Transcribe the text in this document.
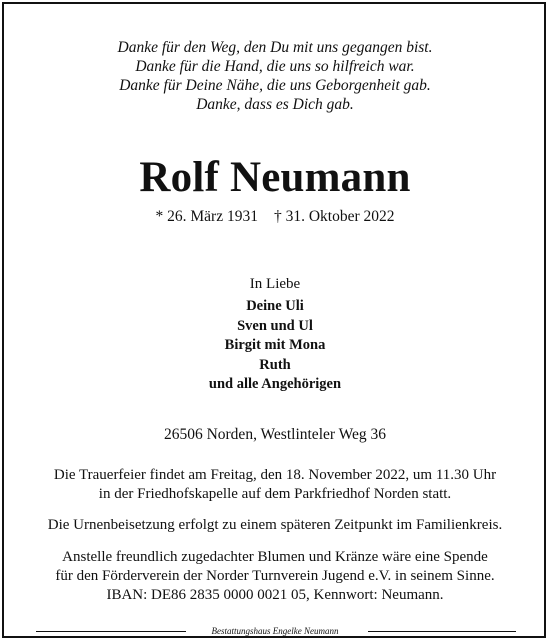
Danke für den Weg, den Du mit uns gegangen bist.
Danke für die Hand, die uns so hilfreich war.
Danke für Deine Nähe, die uns Geborgenheit gab.
Danke, dass es Dich gab.
Rolf Neumann
* 26. März 1931 † 31. Oktober 2022
In Liebe
Deine Uli
Sven und Ul
Birgit mit Mona
Ruth
und alle Angehörigen
26506 Norden, Westlinteler Weg 36
Die Trauerfeier findet am Freitag, den 18. November 2022, um 11.30 Uhr
in der Friedhofskapelle auf dem Parkfriedhof Norden statt.
Die Urnenbeisetzung erfolgt zu einem späteren Zeitpunkt im Familienkreis.
Anstelle freundlich zugedachter Blumen und Kränze wäre eine Spende
für den Förderverein der Norder Turnverein Jugend e.V. in seinem Sinne.
IBAN: DE86 2835 0000 0021 05, Kennwort: Neumann.
Bestattungshaus Engelke Neumann
